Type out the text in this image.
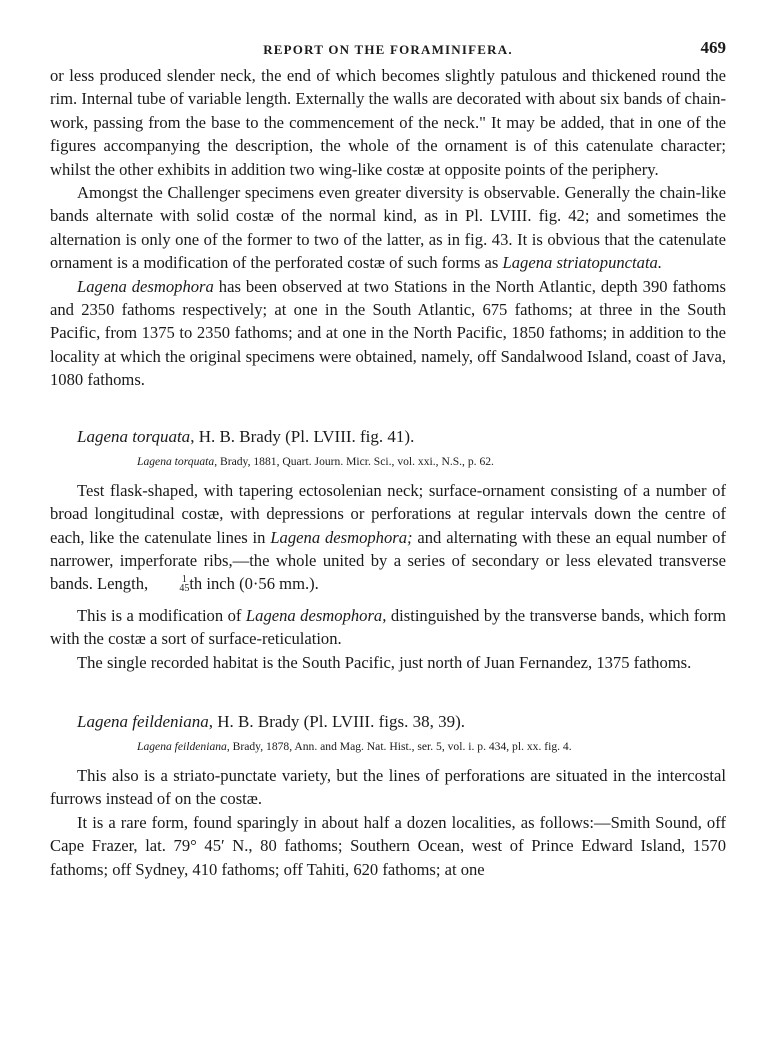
REPORT ON THE FORAMINIFERA.	469

or less produced slender neck, the end of which becomes slightly patulous and thickened round the rim. Internal tube of variable length. Externally the walls are decorated with about six bands of chain-work, passing from the base to the commencement of the neck." It may be added, that in one of the figures accompanying the description, the whole of the ornament is of this catenulate character; whilst the other exhibits in addition two wing-like costæ at opposite points of the periphery.

Amongst the Challenger specimens even greater diversity is observable. Generally the chain-like bands alternate with solid costæ of the normal kind, as in Pl. LVIII. fig. 42; and sometimes the alternation is only one of the former to two of the latter, as in fig. 43. It is obvious that the catenulate ornament is a modification of the perforated costæ of such forms as Lagena striatopunctata.

Lagena desmophora has been observed at two Stations in the North Atlantic, depth 390 fathoms and 2350 fathoms respectively; at one in the South Atlantic, 675 fathoms; at three in the South Pacific, from 1375 to 2350 fathoms; and at one in the North Pacific, 1850 fathoms; in addition to the locality at which the original specimens were obtained, namely, off Sandalwood Island, coast of Java, 1080 fathoms.

Lagena torquata, H. B. Brady (Pl. LVIII. fig. 41).

Lagena torquata, Brady, 1881, Quart. Journ. Micr. Sci., vol. xxi., N.S., p. 62.

Test flask-shaped, with tapering ectosolenian neck; surface-ornament consisting of a number of broad longitudinal costæ, with depressions or perforations at regular intervals down the centre of each, like the catenulate lines in Lagena desmophora; and alternating with these an equal number of narrower, imperforate ribs,—the whole united by a series of secondary or less elevated transverse bands. Length,	1
45 th inch (0·56 mm.).

This is a modification of Lagena desmophora, distinguished by the transverse bands, which form with the costæ a sort of surface-reticulation.

The single recorded habitat is the South Pacific, just north of Juan Fernandez, 1375 fathoms.

Lagena feildeniana, H. B. Brady (Pl. LVIII. figs. 38, 39).

Lagena feildeniana, Brady, 1878, Ann. and Mag. Nat. Hist., ser. 5, vol. i. p. 434, pl. xx. fig. 4.

This also is a striato-punctate variety, but the lines of perforations are situated in the intercostal furrows instead of on the costæ.

It is a rare form, found sparingly in about half a dozen localities, as follows:—Smith Sound, off Cape Frazer, lat. 79° 45′ N., 80 fathoms; Southern Ocean, west of Prince Edward Island, 1570 fathoms; off Sydney, 410 fathoms; off Tahiti, 620 fathoms; at one
